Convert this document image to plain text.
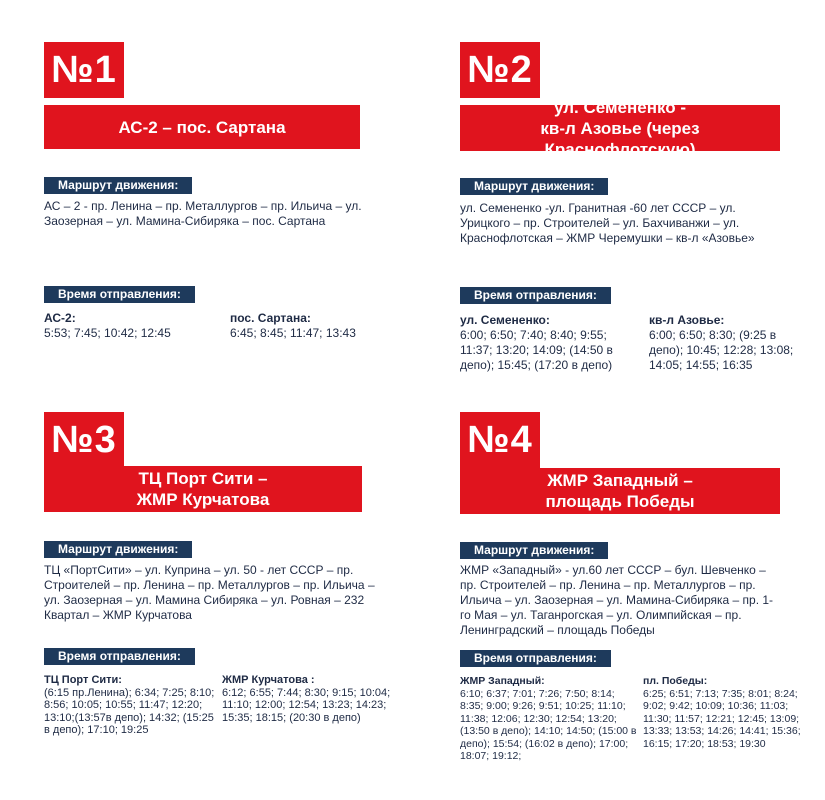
№1
АС-2 – пос. Сартана
Маршрут движения:
АС – 2 - пр. Ленина – пр. Металлургов – пр. Ильича – ул. Заозерная – ул. Мамина-Сибиряка – пос. Сартана
Время отправления:
АС-2:
5:53; 7:45; 10:42; 12:45
пос. Сартана:
6:45; 8:45; 11:47; 13:43
№2
ул. Семененко -
кв-л Азовье (через Краснофлотскую)
Маршрут движения:
ул. Семененко -ул. Гранитная -60 лет СССР – ул. Урицкого – пр. Строителей – ул. Бахчиванжи – ул. Краснофлотская – ЖМР Черемушки – кв-л «Азовье»
Время отправления:
ул. Семененко:
6:00; 6:50; 7:40; 8:40; 9:55; 11:37; 13:20; 14:09; (14:50 в депо); 15:45; (17:20 в депо)
кв-л Азовье:
6:00; 6:50; 8:30; (9:25 в депо); 10:45; 12:28; 13:08; 14:05; 14:55; 16:35
№3
ТЦ Порт Сити –
ЖМР Курчатова
Маршрут движения:
ТЦ «ПортСити» – ул. Куприна – ул. 50 - лет СССР – пр. Строителей – пр. Ленина – пр. Металлургов – пр. Ильича – ул. Заозерная – ул. Мамина Сибиряка – ул. Ровная – 232 Квартал – ЖМР Курчатова
Время отправления:
ТЦ Порт Сити:
(6:15 пр.Ленина); 6:34; 7:25; 8:10; 8:56; 10:05; 10:55; 11:47; 12:20; 13:10;(13:57в депо); 14:32; (15:25 в депо); 17:10; 19:25
ЖМР Курчатова :
6:12; 6:55; 7:44; 8:30; 9:15; 10:04; 11:10; 12:00; 12:54; 13:23; 14:23; 15:35; 18:15; (20:30 в депо)
№4
ЖМР Западный –
площадь Победы
Маршрут движения:
ЖМР «Западный» - ул.60 лет СССР – бул. Шевченко – пр. Строителей – пр. Ленина – пр. Металлургов – пр. Ильича – ул. Заозерная – ул. Мамина-Сибиряка – пр. 1-го Мая – ул. Таганрогская – ул. Олимпийская – пр. Ленинградский – площадь Победы
Время отправления:
ЖМР Западный:
6:10; 6:37; 7:01; 7:26; 7:50; 8:14; 8:35; 9:00; 9:26; 9:51; 10:25; 11:10; 11:38; 12:06; 12:30; 12:54; 13:20; (13:50 в депо); 14:10; 14:50; (15:00 в депо); 15:54; (16:02 в депо); 17:00; 18:07; 19:12;
пл. Победы:
6:25; 6:51; 7:13; 7:35; 8:01; 8:24; 9:02; 9:42; 10:09; 10:36; 11:03; 11:30; 11:57; 12:21; 12:45; 13:09; 13:33; 13:53; 14:26; 14:41; 15:36; 16:15; 17:20; 18:53; 19:30
